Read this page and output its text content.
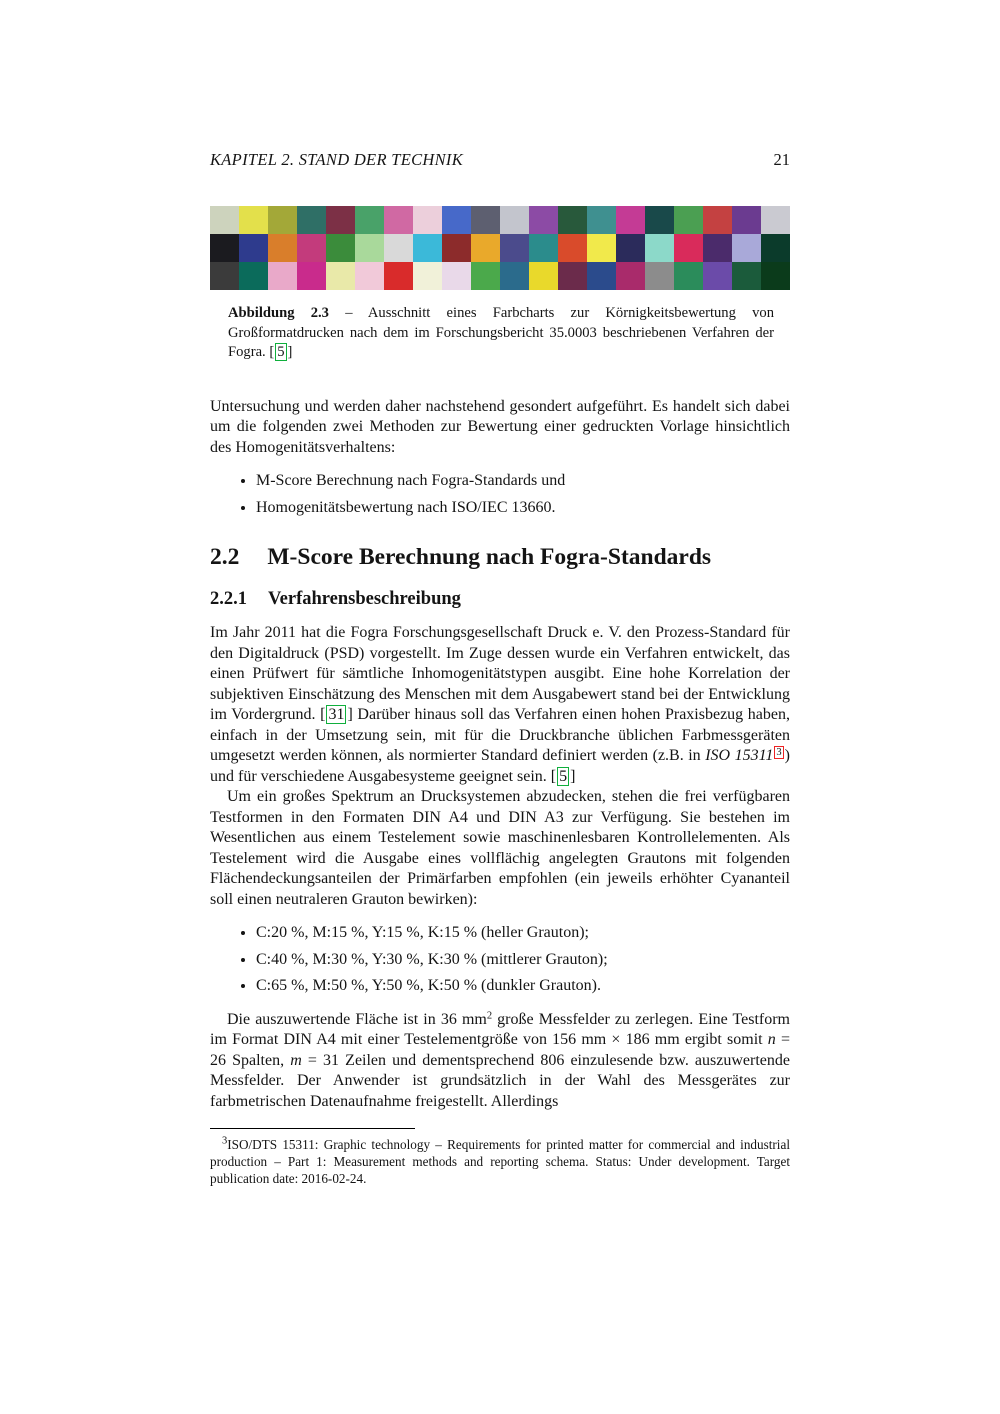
KAPITEL 2. STAND DER TECHNIK	21
Abbildung 2.3 – Ausschnitt eines Farbcharts zur Körnigkeitsbewertung von Großformatdrucken nach dem im Forschungsbericht 35.0003 beschriebenen Verfahren der Fogra. [ 5 ]

Untersuchung und werden daher nachstehend gesondert aufgeführt. Es handelt sich dabei um die folgenden zwei Methoden zur Bewertung einer gedruckten Vorlage hinsichtlich des Homogenitätsverhaltens:

• M-Score Berechnung nach Fogra-Standards und
• Homogenitätsbewertung nach ISO/IEC 13660.
2.2 M-Score Berechnung nach Fogra-Standards
2.2.1 Verfahrensbeschreibung

Im Jahr 2011 hat die Fogra Forschungsgesellschaft Druck e. V. den Prozess-Standard für den Digitaldruck (PSD) vorgestellt. Im Zuge dessen wurde ein Verfahren entwickelt, das einen Prüfwert für sämtliche Inhomogenitätstypen ausgibt. Eine hohe Korrelation der subjektiven Einschätzung des Menschen mit dem Ausgabewert stand bei der Entwicklung im Vordergrund. [ 31 ] Darüber hinaus soll das Verfahren einen hohen Praxisbezug haben, einfach in der Umsetzung sein, mit für die Druckbranche üblichen Farbmessgeräten umgesetzt werden können, als normierter Standard definiert werden (z.B. in ISO 15311 $^3$ ) und für verschiedene Ausgabesysteme geeignet sein. [ 5 ]

Um ein großes Spektrum an Drucksystemen abzudecken, stehen die frei verfügbaren Testformen in den Formaten DIN A4 und DIN A3 zur Verfügung. Sie bestehen im Wesentlichen aus einem Testelement sowie maschinenlesbaren Kontrollelementen. Als Testelement wird die Ausgabe eines vollflächig angelegten Grautons mit folgenden Flächendeckungsanteilen der Primärfarben empfohlen (ein jeweils erhöhter Cyananteil soll einen neutraleren Grauton bewirken):

• C:20 %, M:15 %, Y:15 %, K:15 % (heller Grauton);
• C:40 %, M:30 %, Y:30 %, K:30 % (mittlerer Grauton);
• C:65 %, M:50 %, Y:50 %, K:50 % (dunkler Grauton).

Die auszuwertende Fläche ist in 36 $mm^2$ große Messfelder zu zerlegen. Eine Testform im Format DIN A4 mit einer Testelementgröße von 156 mm × 186 mm ergibt somit n = 26 Spalten, m = 31 Zeilen und dementsprechend 806 einzulesende bzw. auszuwertende Messfelder. Der Anwender ist grundsätzlich in der Wahl des Messgerätes zur farbmetrischen Datenaufnahme freigestellt. Allerdings

$^3$ISO/DTS 15311: Graphic technology – Requirements for printed matter for commercial and industrial production – Part 1: Measurement methods and reporting schema. Status: Under development. Target publication date: 2016-02-24.
